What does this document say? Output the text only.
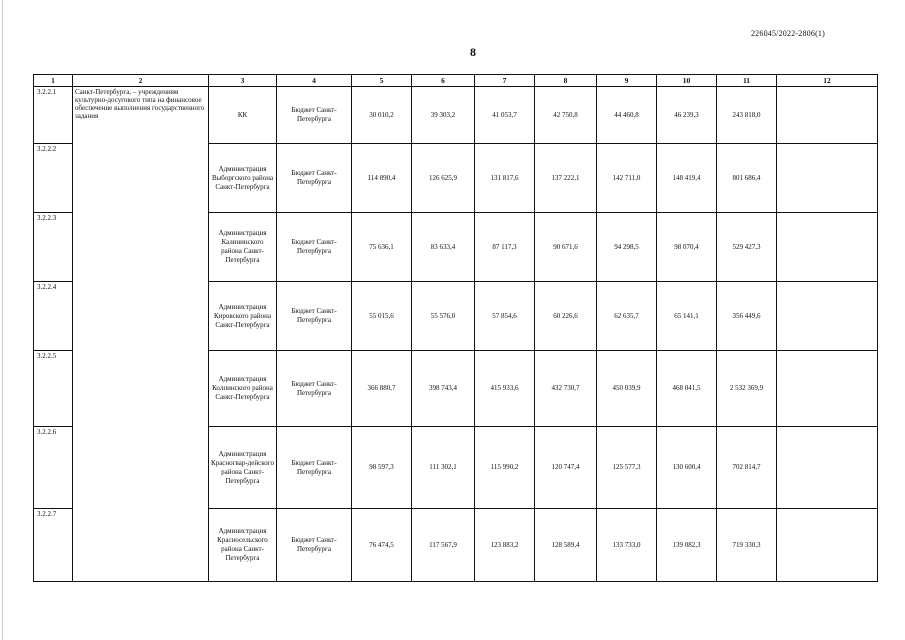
226045/2022-2806(1)
8
1	2	3	4	5	6	7	8	9	10	11	12
3.2.2.1	Санкт-Петербурга, – учреждениям культурно-досугового типа на финансовое обеспечение выполнения государственного задания	КК	Бюджет Санкт-Петербурга	30 010,2	39 303,2	41 053,7	42 750,8	44 460,8	46 239,3	243 818,0	
3.2.2.2		Администрация Выборгского района Санкт-Петербурга	Бюджет Санкт-Петербурга	114 890,4	126 625,9	131 817,6	137 222,1	142 711,0	148 419,4	801 686,4	
3.2.2.3		Администрация Калининского района Санкт-Петербурга	Бюджет Санкт-Петербурга	75 636,1	83 633,4	87 117,3	90 671,6	94 298,5	98 070,4	529 427,3	
3.2.2.4		Администрация Кировского района Санкт-Петербурга	Бюджет Санкт-Петербурга	55 015,6	55 576,0	57 854,6	60 226,6	62 635,7	65 141,1	356 449,6	
3.2.2.5		Администрация Колпинского района Санкт-Петербурга	Бюджет Санкт-Петербурга	366 880,7	398 743,4	415 933,6	432 730,7	450 039,9	468 041,5	2 532 369,9	
3.2.2.6		Администрация Красногвар-дейского района Санкт-Петербурга	Бюджет Санкт-Петербурга	98 597,3	111 302,1	115 990,2	120 747,4	125 577,3	130 600,4	702 814,7	
3.2.2.7		Администрация Красносельского района Санкт-Петербурга	Бюджет Санкт-Петербурга	76 474,5	117 567,9	123 883,2	128 589,4	133 733,0	139 082,3	719 330,3	
